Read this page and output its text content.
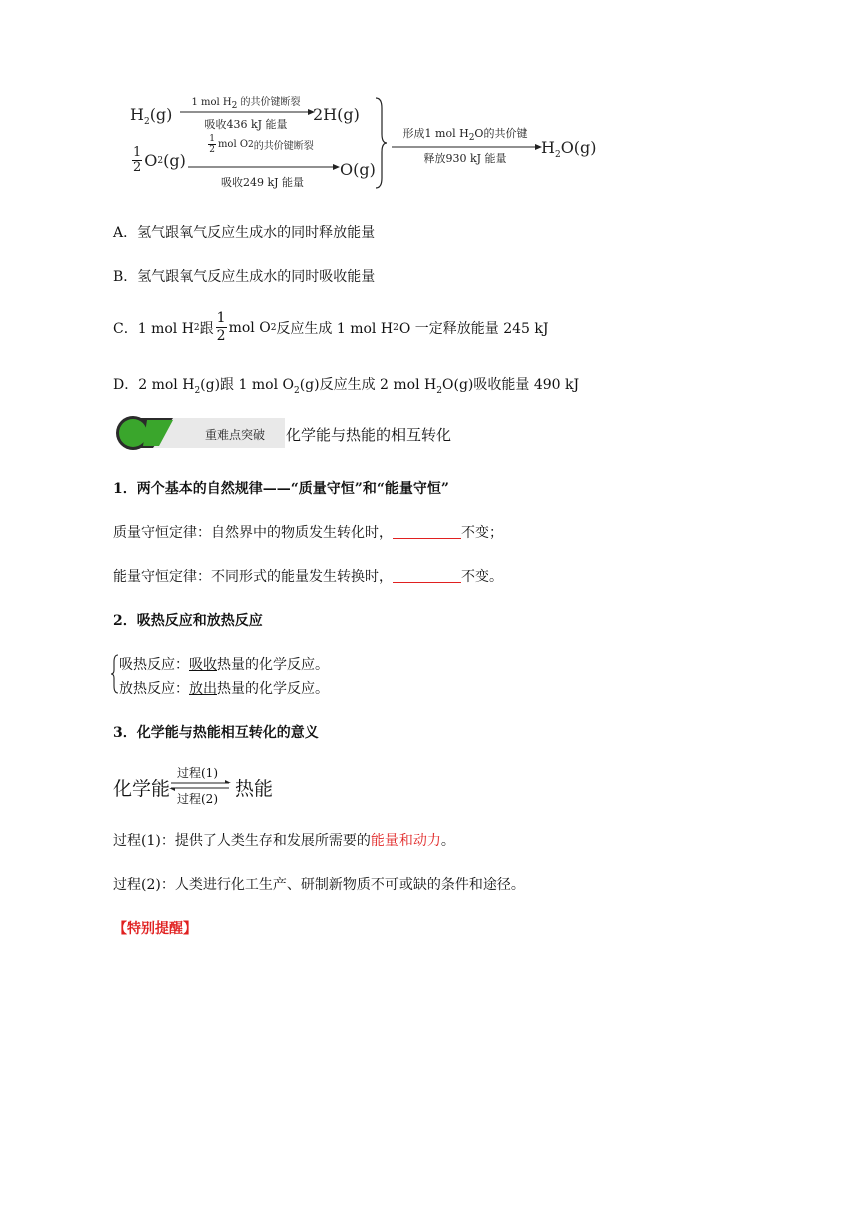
$H_2(g)$
1 mol $H_2$ 的共价键断裂
吸收436 kJ 能量
2H(g)
$\frac{1}{2}$ O 2 (g)
$\frac{1}{2}$ mol O 2 的共价键断裂
吸收249 kJ 能量
O(g)
形成1 mol $H_2O$的共价键
释放930 kJ 能量
$H_2O(g)$
A．氢气跟氧气反应生成水的同时释放能量
B．氢气跟氧气反应生成水的同时吸收能量
C．1 mol H 2 跟 $\frac{1}{2}$ mol O 2 反应生成 1 mol H 2 O 一定释放能量 245 kJ
D．2 mol $H_2(g)$跟 1 mol $O_2(g)$反应生成 2 mol $H_2O(g)$吸收能量 490 kJ
重难点突破 化学能与热能的相互转化
1．两个基本的自然规律——“质量守恒”和“能量守恒”
质量守恒定律：自然界中的物质发生转化时，	不变；
能量守恒定律：不同形式的能量发生转换时，	不变。
2．吸热反应和放热反应
吸热反应：吸收热量的化学反应。
放热反应：放出热量的化学反应。
3．化学能与热能相互转化的意义
化学能
过程(1)
过程(2) 热能
过程(1)：提供了人类生存和发展所需要的能量和动力。
过程(2)：人类进行化工生产、研制新物质不可或缺的条件和途径。
【特别提醒】
